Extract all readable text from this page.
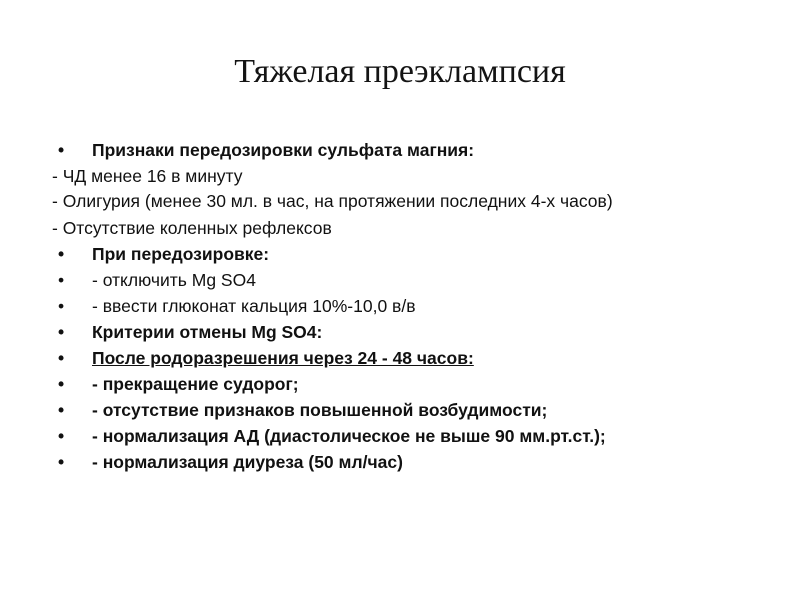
Тяжелая преэклампсия
• Признаки передозировки сульфата магния:
- ЧД менее 16 в минуту
- Олигурия (менее 30 мл. в час, на протяжении последних 4-х часов)
- Отсутствие коленных рефлексов
• При передозировке:
• - отключить Mg SO4
• - ввести глюконат кальция 10%-10,0 в/в
• Критерии отмены Mg SO4:
• После родоразрешения через 24 - 48 часов:
• - прекращение судорог;
• - отсутствие признаков повышенной возбудимости;
• - нормализация АД (диастолическое не выше 90 мм.рт.ст.);
• - нормализация диуреза (50 мл/час)
